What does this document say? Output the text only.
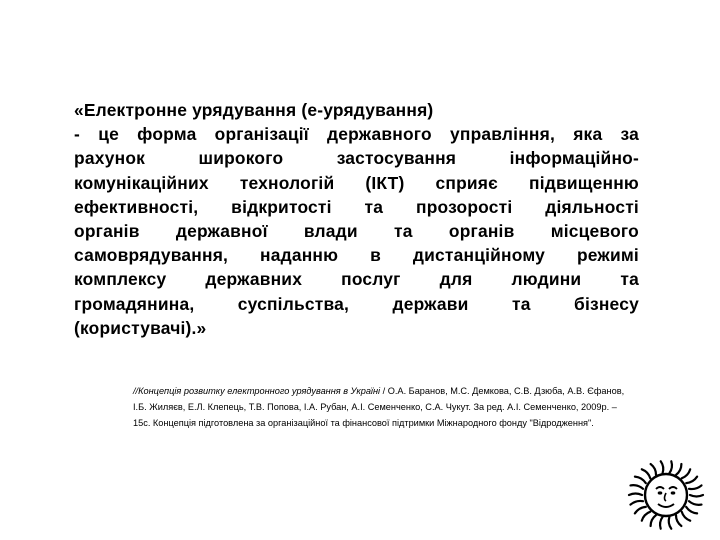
«Електронне урядування (е-урядування)
- це форма організації державного управління, яка за
рахунок	широкого	застосування	інформаційно-
комунікаційних технологій (ІКТ) сприяє підвищенню
ефективності, відкритості та прозорості діяльності
органів державної влади та органів місцевого
самоврядування, наданню в дистанційному режимі
комплексу державних послуг для людини та
громадянина, суспільства, держави та бізнесу
(користувачі).»
//Концепція розвитку електронного урядування в Україні / О.А. Баранов, М.С. Демкова, С.В. Дзюба, А.В. Єфанов,
І.Б. Жиляєв, Е.Л. Клепець, Т.В. Попова, І.А. Рубан, А.І. Семенченко, С.А. Чукут. За ред. А.І. Семенченко, 2009р. –
15с. Концепція підготовлена за організаційної та фінансової підтримки Міжнародного фонду "Відродження".
